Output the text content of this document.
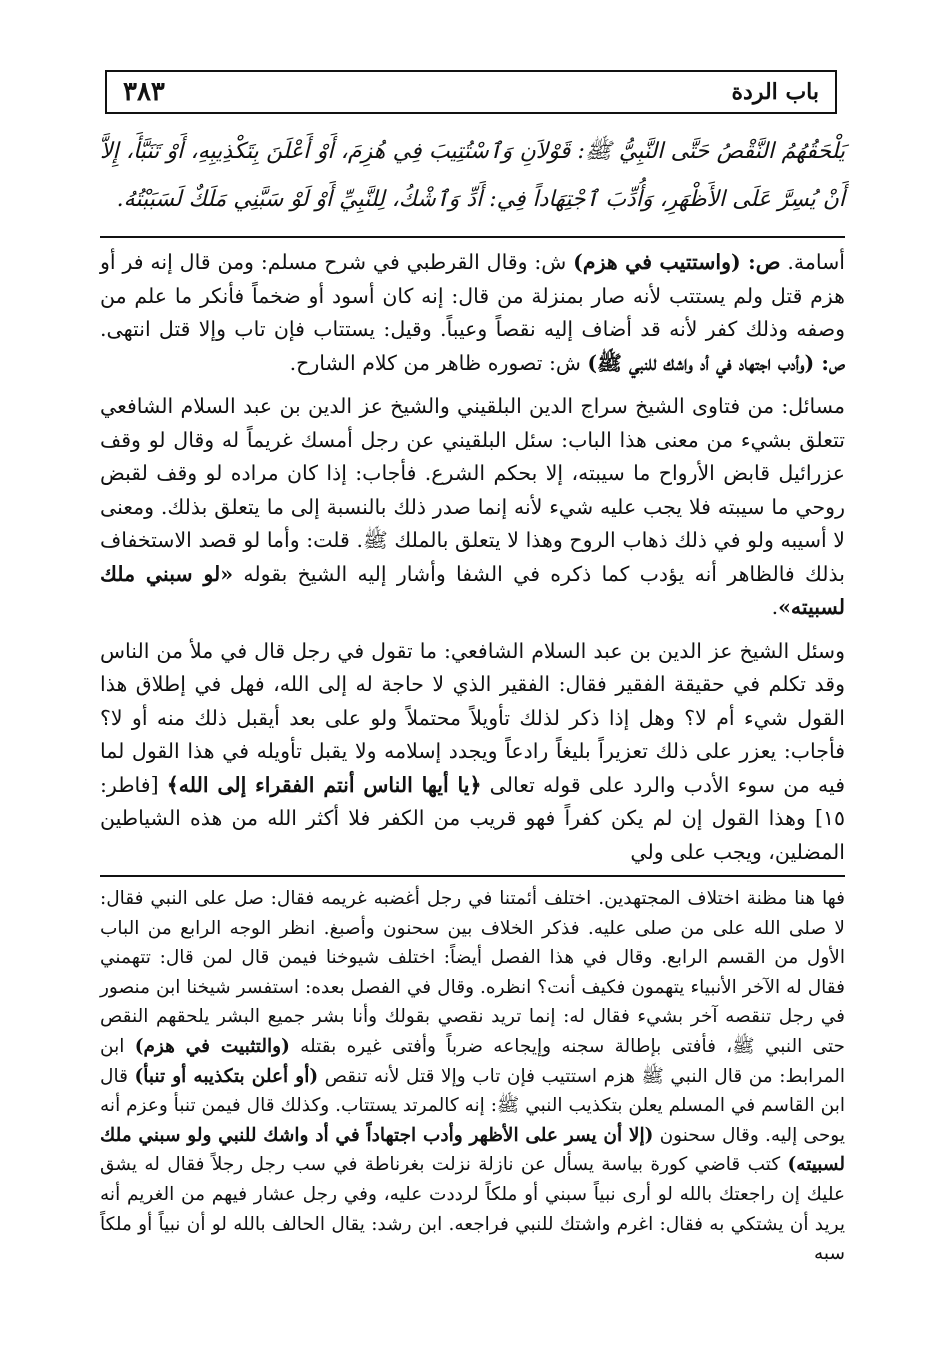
باب الردة
٣٨٣
يَلْحَقُهُمُ النَّقْصُ حَتَّى النَّبِيُّ ﷺ: قَوْلاَنِ وَٱسْتُتِيبَ فِي هُزِمَ، أَوْ أَعْلَنَ بِتَكْذِيبِهِ، أَوْ تَنَبَّأَ، إِلاَّ أَنْ يُسِرَّ عَلَى الأَظْهَرِ، وَأُدِّبَ ٱجْتِهَاداً فِي: أَدِّ وَٱشْكُ، لِلنَّبِيِّ أَوْ لَوْ سَبَّنِي مَلَكٌ لَسَبَبْتُهُ.

أسامة. ص: (واستتيب في هزم) ش: وقال القرطبي في شرح مسلم: ومن قال إنه فر أو هزم قتل ولم يستتب لأنه صار بمنزلة من قال: إنه كان أسود أو ضخماً فأنكر ما علم من وصفه وذلك كفر لأنه قد أضاف إليه نقصاً وعيباً. وقيل: يستتاب فإن تاب وإلا قتل انتهى. ص: (وأدب اجتهاد في أد واشك للنبي ﷺ) ش: تصوره ظاهر من كلام الشارح.

مسائل: من فتاوى الشيخ سراج الدين البلقيني والشيخ عز الدين بن عبد السلام الشافعي تتعلق بشيء من معنى هذا الباب: سئل البلقيني عن رجل أمسك غريماً له وقال لو وقف عزرائيل قابض الأرواح ما سيبته، إلا بحكم الشرع. فأجاب: إذا كان مراده لو وقف لقبض روحي ما سيبته فلا يجب عليه شيء لأنه إنما صدر ذلك بالنسبة إلى ما يتعلق بذلك. ومعنى لا أسيبه ولو في ذلك ذهاب الروح وهذا لا يتعلق بالملك ﷺ. قلت: وأما لو قصد الاستخفاف بذلك فالظاهر أنه يؤدب كما ذكره في الشفا وأشار إليه الشيخ بقوله «لو سبني ملك لسبيته».

وسئل الشيخ عز الدين بن عبد السلام الشافعي: ما تقول في رجل قال في ملأ من الناس وقد تكلم في حقيقة الفقير فقال: الفقير الذي لا حاجة له إلى الله، فهل في إطلاق هذا القول شيء أم لا؟ وهل إذا ذكر لذلك تأويلاً محتملاً ولو على بعد أيقبل ذلك منه أو لا؟ فأجاب: يعزر على ذلك تعزيراً بليغاً رادعاً ويجدد إسلامه ولا يقبل تأويله في هذا القول لما فيه من سوء الأدب والرد على قوله تعالى ﴿يا أيها الناس أنتم الفقراء إلى الله﴾ [فاطر: ١٥] وهذا القول إن لم يكن كفراً فهو قريب من الكفر فلا أكثر الله من هذه الشياطين المضلين، ويجب على ولي

فها هنا مظنة اختلاف المجتهدين. اختلف أئمتنا في رجل أغضبه غريمه فقال: صل على النبي فقال: لا صلى الله على من صلى عليه. فذكر الخلاف بين سحنون وأصبغ. انظر الوجه الرابع من الباب الأول من القسم الرابع. وقال في هذا الفصل أيضاً: اختلف شيوخنا فيمن قال لمن قال: تتهمني فقال له الآخر الأنبياء يتهمون فكيف أنت؟ انظره. وقال في الفصل بعده: استفسر شيخنا ابن منصور في رجل تنقصه آخر بشيء فقال له: إنما تريد نقصي بقولك وأنا بشر جميع البشر يلحقهم النقص حتى النبي ﷺ، فأفتى بإطالة سجنه وإيجاعه ضرباً وأفتى غيره بقتله (والتثبيت في هزم) ابن المرابط: من قال النبي ﷺ هزم استتيب فإن تاب وإلا قتل لأنه تنقص (أو أعلن بتكذيبه أو تنبأ) قال ابن القاسم في المسلم يعلن بتكذيب النبي ﷺ: إنه كالمرتد يستتاب. وكذلك قال فيمن تنبأ وعزم أنه يوحى إليه. وقال سحنون (إلا أن يسر على الأظهر وأدب اجتهاداً في أد واشك للنبي ولو سبني ملك لسبيته) كتب قاضي كورة بياسة يسأل عن نازلة نزلت بغرناطة في سب رجل رجلاً فقال له يشق عليك إن راجعتك بالله لو أرى نبياً سبني أو ملكاً لرددت عليه، وفي رجل عشار فيهم من الغريم أنه يريد أن يشتكي به فقال: اغرم واشتك للنبي فراجعه. ابن رشد: يقال الحالف بالله لو أن نبياً أو ملكاً سبه
